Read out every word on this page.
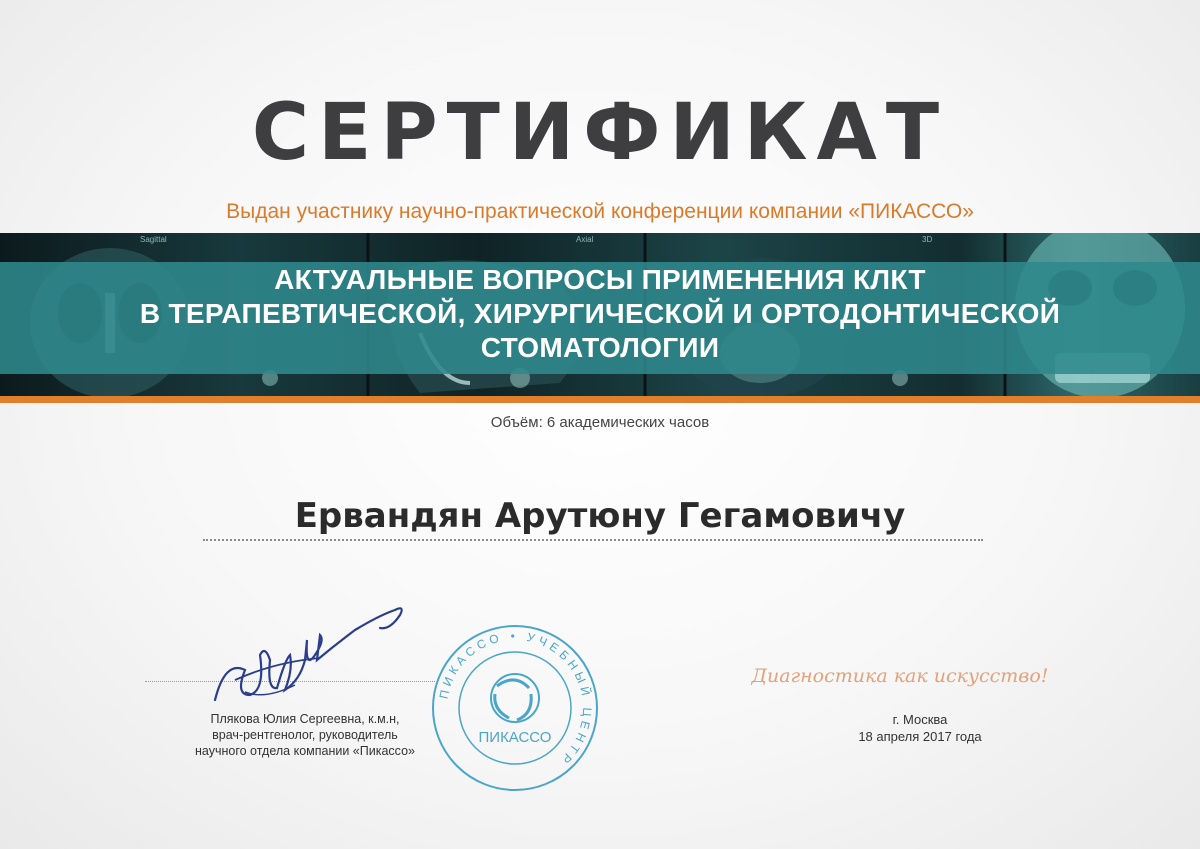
СЕРТИФИКАТ
Выдан участнику научно-практической конференции компании «ПИКАССО»
Sagittal	Axial	3D
АКТУАЛЬНЫЕ ВОПРОСЫ ПРИМЕНЕНИЯ КЛКТ
В ТЕРАПЕВТИЧЕСКОЙ, ХИРУРГИЧЕСКОЙ И ОРТОДОНТИЧЕСКОЙ
СТОМАТОЛОГИИ
Объём: 6 академических часов
Ервандян Арутюну Гегамовичу
Плякова Юлия Сергеевна, к.м.н,
врач-рентгенолог, руководитель
научного отдела компании «Пикассо»
ПИКАССО • УЧЕБНЫЙ ЦЕНТР
ПИКАССО
Диагностика как искусство!
г. Москва
18 апреля 2017 года
